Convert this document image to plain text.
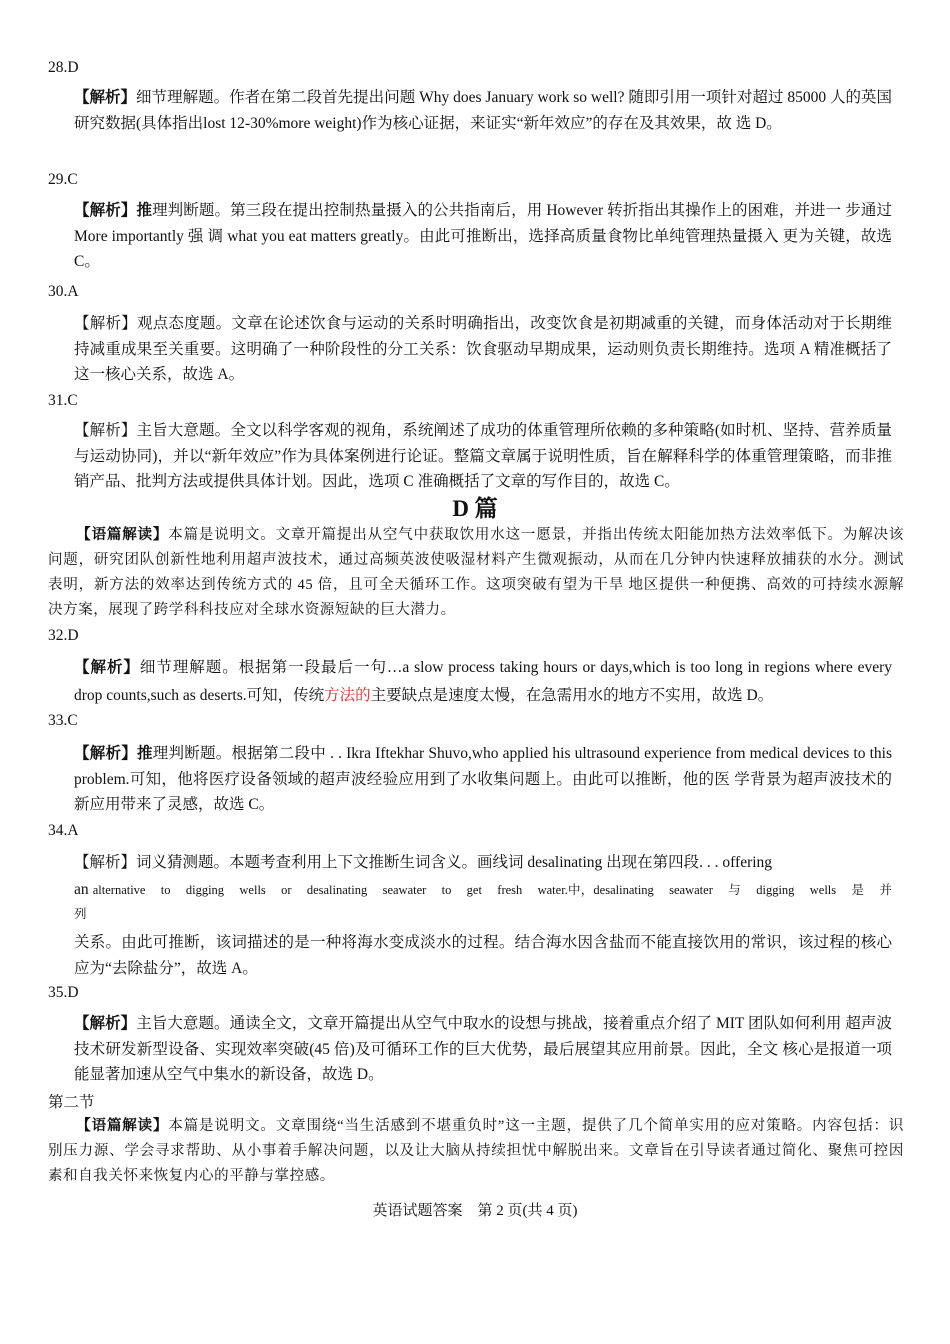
28.D
【解析】细节理解题。作者在第二段首先提出问题 Why does January work so well? 随即引用一项针对超过 85000 人的英国研究数据(具体指出lost 12-30%more weight)作为核心证据，来证实“新年效应”的存在及其效果，故 选 D。
29.C
【解析】推理判断题。第三段在提出控制热量摄入的公共指南后，用 However 转折指出其操作上的困难，并进一 步通过 More importantly 强 调 what you eat matters greatly。由此可推断出，选择高质量食物比单纯管理热量摄入 更为关键，故选 C。
30.A
【解析】观点态度题。文章在论述饮食与运动的关系时明确指出，改变饮食是初期减重的关键，而身体活动对于长期维持减重成果至关重要。这明确了一种阶段性的分工关系：饮食驱动早期成果，运动则负责长期维持。选项 A 精准概括了这一核心关系，故选 A。
31.C
【解析】主旨大意题。全文以科学客观的视角，系统阐述了成功的体重管理所依赖的多种策略(如时机、坚持、营养质量与运动协同)，并以“新年效应”作为具体案例进行论证。整篇文章属于说明性质，旨在解释科学的体重管理策略，而非推销产品、批判方法或提供具体计划。因此，选项 C 准确概括了文章的写作目的，故选 C。
D 篇
【语篇解读】本篇是说明文。文章开篇提出从空气中获取饮用水这一愿景，并指出传统太阳能加热方法效率低下。为解决该问题，研究团队创新性地利用超声波技术，通过高频英波使吸湿材料产生微观振动，从而在几分钟内快速释放捕获的水分。测试表明，新方法的效率达到传统方式的 45 倍，且可全天循环工作。这项突破有望为干旱 地区提供一种便携、高效的可持续水源解决方案，展现了跨学科科技应对全球水资源短缺的巨大潜力。
32.D
【解析】细节理解题。根据第一段最后一句…a slow process taking hours or days,which is too long in regions where every drop counts,such as deserts.可知，传统方法的主要缺点是速度太慢，在急需用水的地方不实用，故选 D。
33.C
【解析】推理判断题。根据第二段中 . . Ikra Iftekhar Shuvo,who applied his ultrasound experience from medical devices to this problem.可知，他将医疗设备领域的超声波经验应用到了水收集问题上。由此可以推断，他的医 学背景为超声波技术的新应用带来了灵感，故选 C。
34.A
【解析】词义猜测题。本题考查利用上下文推断生词含义。画线词 desalinating 出现在第四段. . . offering
an alternative to digging wells or desalinating seawater to get fresh water.中，desalinating seawater 与 digging wells 是 并 列
关系。由此可推断，该词描述的是一种将海水变成淡水的过程。结合海水因含盐而不能直接饮用的常识，该过程的核心应为“去除盐分”，故选 A。
35.D
【解析】主旨大意题。通读全文，文章开篇提出从空气中取水的设想与挑战，接着重点介绍了 MIT 团队如何利用 超声波技术研发新型设备、实现效率突破(45 倍)及可循环工作的巨大优势，最后展望其应用前景。因此，全文 核心是报道一项能显著加速从空气中集水的新设备，故选 D。
第二节
【语篇解读】本篇是说明文。文章围绕“当生活感到不堪重负时”这一主题，提供了几个简单实用的应对策略。内容包括：识别压力源、学会寻求帮助、从小事着手解决问题，以及让大脑从持续担忧中解脱出来。文章旨在引导读者通过简化、聚焦可控因素和自我关怀来恢复内心的平静与掌控感。
英语试题答案　第 2 页(共 4 页)
